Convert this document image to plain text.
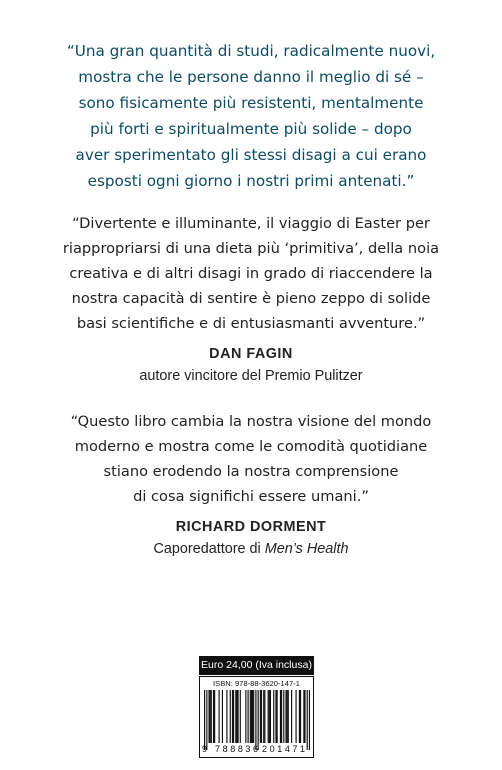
“Una gran quantità di studi, radicalmente nuovi,
mostra che le persone danno il meglio di sé –
sono fisicamente più resistenti, mentalmente
più forti e spiritualmente più solide – dopo
aver sperimentato gli stessi disagi a cui erano
esposti ogni giorno i nostri primi antenati.”
“Divertente e illuminante, il viaggio di Easter per
riappropriarsi di una dieta più ‘primitiva’, della noia
creativa e di altri disagi in grado di riaccendere la
nostra capacità di sentire è pieno zeppo di solide
basi scientifiche e di entusiasmanti avventure.”
DAN FAGIN
autore vincitore del Premio Pulitzer
“Questo libro cambia la nostra visione del mondo
moderno e mostra come le comodità quotidiane
stiano erodendo la nostra comprensione
di cosa significhi essere umani.”
RICHARD DORMENT
Caporedattore di Men’s Health
Euro 24,00 (Iva inclusa)
ISBN: 978-88-3620-147-1
9 788836 201471
